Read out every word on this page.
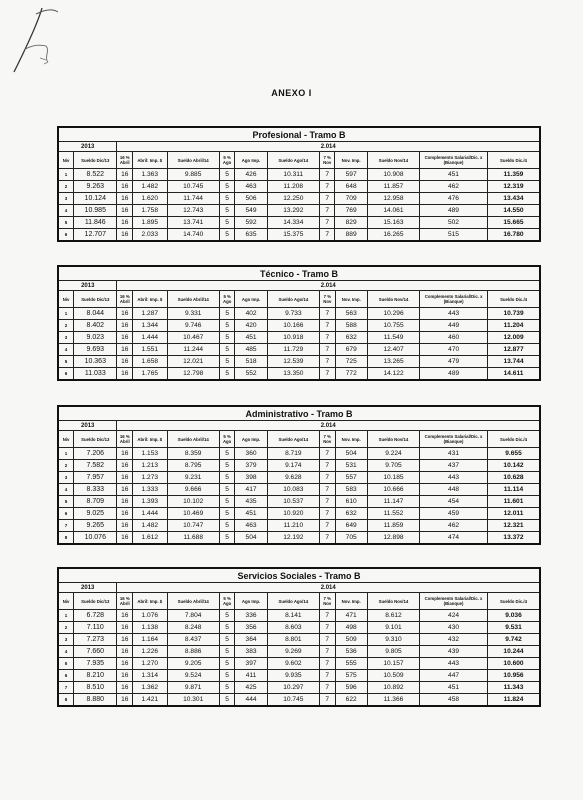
ANEXO I
Profesional - Tramo B												
2013		2.014										
Niv	Sueldo Dic/13	16 % Abril	Abril: Imp. $	Sueldo Abril/14	5 % Ago	Ago Imp.	Sueldo Ago/14	7 % Nov	Nov. Imp.	Sueldo Nov/14	Complemento Salarial/Dic. x (Bianque)	Sueldo Dic./4
1	8.522	16	1.363	9.885	5	426	10.311	7	597	10.908	451	11.359
2	9.263	16	1.482	10.745	5	463	11.208	7	648	11.857	462	12.319
3	10.124	16	1.620	11.744	5	506	12.250	7	709	12.958	476	13.434
4	10.985	16	1.758	12.743	5	549	13.292	7	769	14.061	489	14.550
5	11.846	16	1.895	13.741	5	592	14.334	7	829	15.163	502	15.665
6	12.707	16	2.033	14.740	5	635	15.375	7	889	16.265	515	16.780
Técnico - Tramo B												
2013		2.014										
Niv	Sueldo Dic/13	16 % Abril	Abril: Imp. $	Sueldo Abril/14	5 % Ago	Ago Imp.	Sueldo Ago/14	7 % Nov	Nov. Imp.	Sueldo Nov/14	Complemento Salarial/Dic. x (Bianque)	Sueldo Dic./4
1	8.044	16	1.287	9.331	5	402	9.733	7	563	10.296	443	10.739
2	8.402	16	1.344	9.746	5	420	10.166	7	588	10.755	449	11.204
3	9.023	16	1.444	10.467	5	451	10.918	7	632	11.549	460	12.009
4	9.693	16	1.551	11.244	5	485	11.729	7	679	12.407	470	12.877
5	10.363	16	1.658	12.021	5	518	12.539	7	725	13.265	479	13.744
6	11.033	16	1.765	12.798	5	552	13.350	7	772	14.122	489	14.611
Administrativo - Tramo B												
2013		2.014										
Niv	Sueldo Dic/13	16 % Abril	Abril: Imp. $	Sueldo Abril/14	5 % Ago	Ago Imp.	Sueldo Ago/14	7 % Nov	Nov. Imp.	Sueldo Nov/14	Complemento Salarial/Dic. x (Bianque)	Sueldo Dic./4
1	7.206	16	1.153	8.359	5	360	8.719	7	504	9.224	431	9.655
2	7.582	16	1.213	8.795	5	379	9.174	7	531	9.705	437	10.142
3	7.957	16	1.273	9.231	5	398	9.628	7	557	10.185	443	10.628
4	8.333	16	1.333	9.666	5	417	10.083	7	583	10.666	448	11.114
5	8.709	16	1.393	10.102	5	435	10.537	7	610	11.147	454	11.601
6	9.025	16	1.444	10.469	5	451	10.920	7	632	11.552	459	12.011
7	9.265	16	1.482	10.747	5	463	11.210	7	649	11.859	462	12.321
8	10.076	16	1.612	11.688	5	504	12.192	7	705	12.898	474	13.372
Servicios Sociales - Tramo B												
2013		2.014										
Niv	Sueldo Dic/13	16 % Abril	Abril: Imp. $	Sueldo Abril/14	5 % Ago	Ago Imp.	Sueldo Ago/14	7 % Nov	Nov. Imp.	Sueldo Nov/14	Complemento Salarial/Dic. x (Bianque)	Sueldo Dic./4
1	6.728	16	1.076	7.804	5	336	8.141	7	471	8.612	424	9.036
2	7.110	16	1.138	8.248	5	356	8.603	7	498	9.101	430	9.531
3	7.273	16	1.164	8.437	5	364	8.801	7	509	9.310	432	9.742
4	7.660	16	1.226	8.886	5	383	9.269	7	536	9.805	439	10.244
5	7.935	16	1.270	9.205	5	397	9.602	7	555	10.157	443	10.600
6	8.210	16	1.314	9.524	5	411	9.935	7	575	10.509	447	10.956
7	8.510	16	1.362	9.871	5	425	10.297	7	596	10.892	451	11.343
8	8.880	16	1.421	10.301	5	444	10.745	7	622	11.366	458	11.824
